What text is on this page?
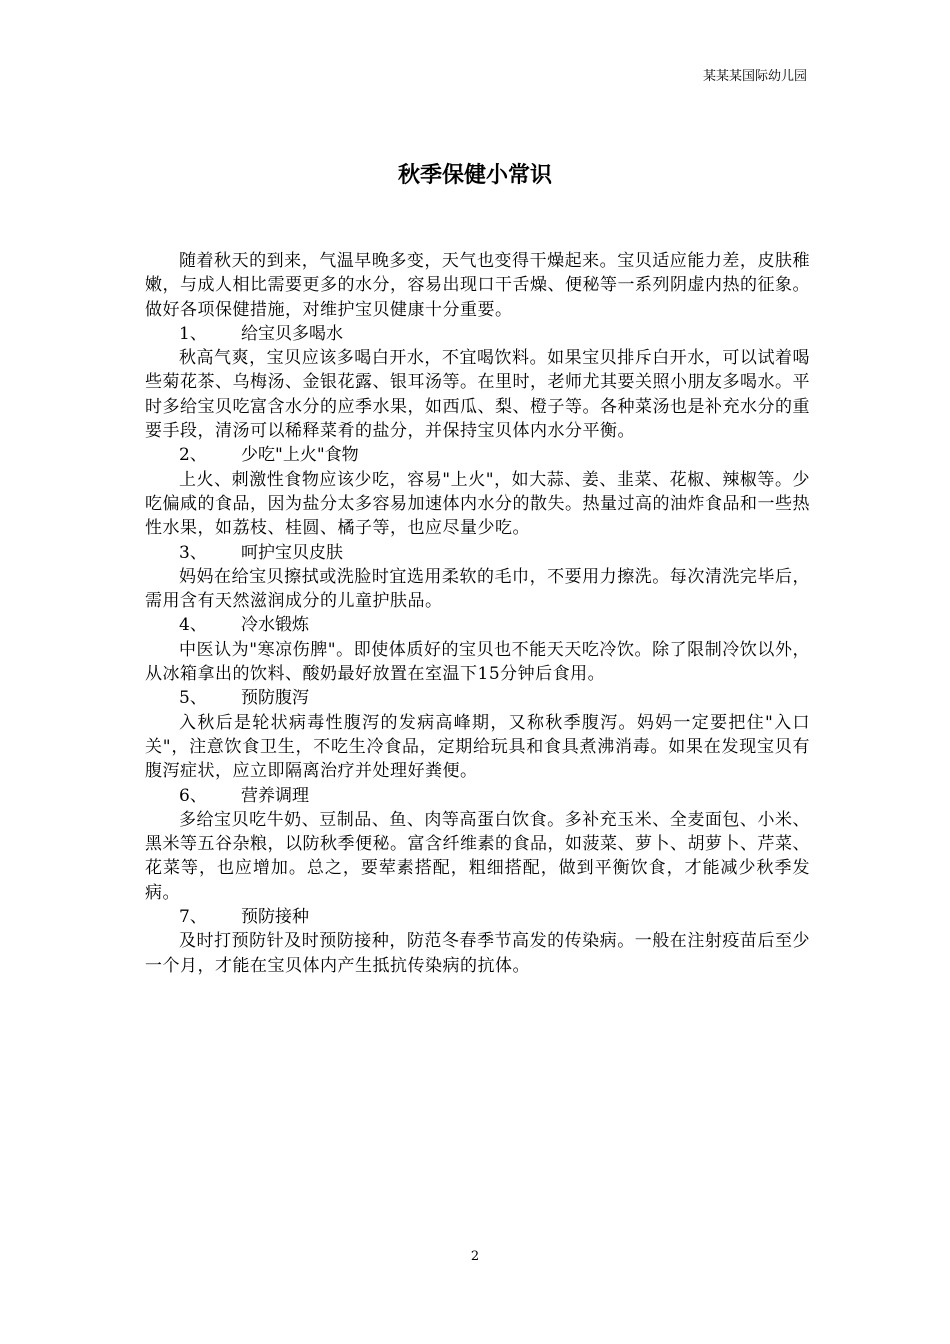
某某某国际幼儿园
秋季保健小常识

随着秋天的到来，气温早晚多变，天气也变得干燥起来。宝贝适应能力差，皮肤稚嫩，与成人相比需要更多的水分，容易出现口干舌燥、便秘等一系列阴虚内热的征象。做好各项保健措施，对维护宝贝健康十分重要。

1、 给宝贝多喝水

秋高气爽，宝贝应该多喝白开水，不宜喝饮料。如果宝贝排斥白开水，可以试着喝些菊花茶、乌梅汤、金银花露、银耳汤等。在里时，老师尤其要关照小朋友多喝水。平时多给宝贝吃富含水分的应季水果，如西瓜、梨、橙子等。各种菜汤也是补充水分的重要手段，清汤可以稀释菜肴的盐分，并保持宝贝体内水分平衡。

2、 少吃"上火"食物

上火、刺激性食物应该少吃，容易"上火"，如大蒜、姜、韭菜、花椒、辣椒等。少吃偏咸的食品，因为盐分太多容易加速体内水分的散失。热量过高的油炸食品和一些热性水果，如荔枝、桂圆、橘子等，也应尽量少吃。

3、 呵护宝贝皮肤

妈妈在给宝贝擦拭或洗脸时宜选用柔软的毛巾，不要用力擦洗。每次清洗完毕后，需用含有天然滋润成分的儿童护肤品。

4、 冷水锻炼

中医认为"寒凉伤脾"。即使体质好的宝贝也不能天天吃冷饮。除了限制冷饮以外，从冰箱拿出的饮料、酸奶最好放置在室温下15分钟后食用。

5、 预防腹泻

入秋后是轮状病毒性腹泻的发病高峰期，又称秋季腹泻。妈妈一定要把住"入口关"，注意饮食卫生，不吃生冷食品，定期给玩具和食具煮沸消毒。如果在发现宝贝有腹泻症状，应立即隔离治疗并处理好粪便。

6、 营养调理

多给宝贝吃牛奶、豆制品、鱼、肉等高蛋白饮食。多补充玉米、全麦面包、小米、黑米等五谷杂粮，以防秋季便秘。富含纤维素的食品，如菠菜、萝卜、胡萝卜、芹菜、花菜等，也应增加。总之，要荤素搭配，粗细搭配，做到平衡饮食，才能减少秋季发病。

7、 预防接种

及时打预防针及时预防接种，防范冬春季节高发的传染病。一般在注射疫苗后至少一个月，才能在宝贝体内产生抵抗传染病的抗体。

2
